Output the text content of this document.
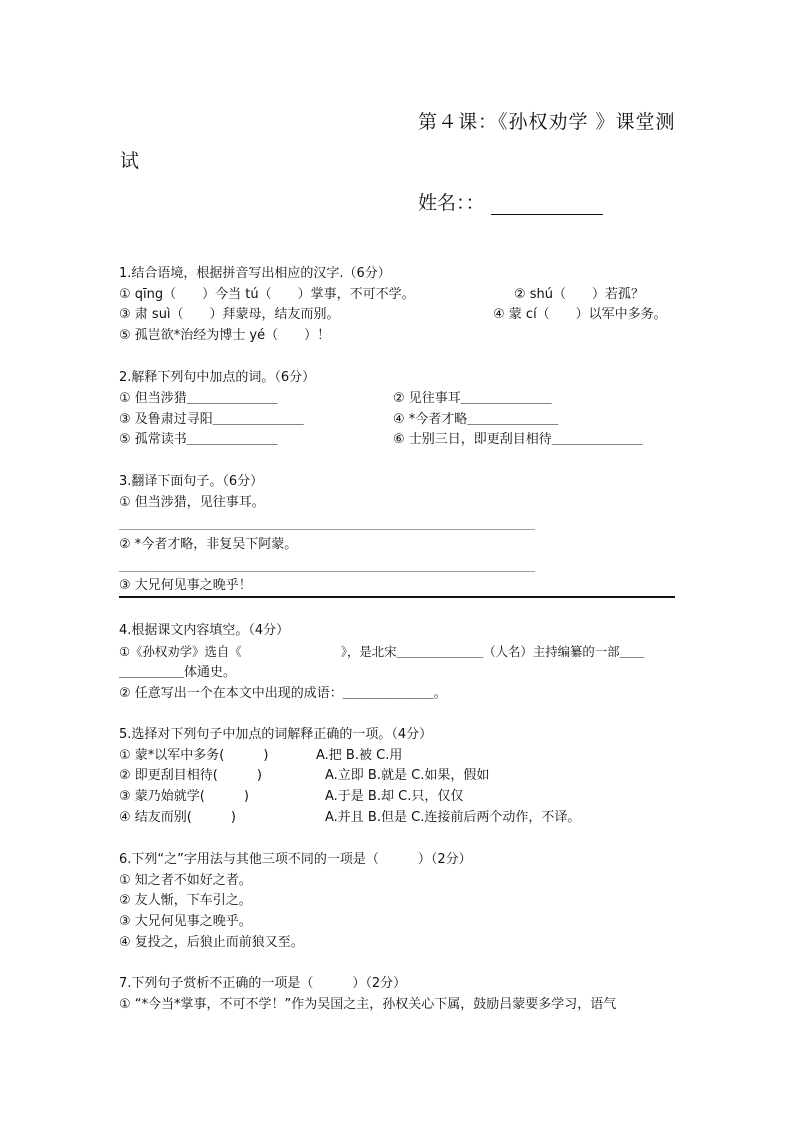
第４课：《孙权劝学 》课堂测
试
姓名：：
1.结合语境，根据拼音写出相应的汉字.（6分）
① qīng（　　）今当 tú（　　）掌事，不可不学。	② shú（　　）若孤？
③ 肃 suì（　　）拜蒙母，结友而别。	④ 蒙 cí（　　）以军中多务。
⑤ 孤岂欲*治经为博士 yé（　　）！
2.解释下列句中加点的词。（6分）
① 但当涉猎＿＿＿＿＿＿＿	② 见往事耳＿＿＿＿＿＿＿
③ 及鲁肃过寻阳＿＿＿＿＿＿＿	④ *今者才略＿＿＿＿＿＿＿
⑤ 孤常读书＿＿＿＿＿＿＿	⑥ 士别三日，即更刮目相待＿＿＿＿＿＿＿
3.翻译下面句子。（6分）
① 但当涉猎，见往事耳。
＿＿＿＿＿＿＿＿＿＿＿＿＿＿＿＿＿＿＿＿＿＿＿＿＿＿＿＿＿＿＿＿＿＿＿＿＿＿
② *今者才略，非复吴下阿蒙。
＿＿＿＿＿＿＿＿＿＿＿＿＿＿＿＿＿＿＿＿＿＿＿＿＿＿＿＿＿＿＿＿＿＿＿＿＿＿
③ 大兄何见事之晚乎！
4.根据课文内容填空。（4分）
①《孙权劝学》选自《　　　　　　　　》，是北宋＿＿＿＿＿＿＿（人名）主持编纂的一部＿＿
＿＿＿＿＿体通史。
② 任意写出一个在本文中出现的成语：＿＿＿＿＿＿＿。
5.选择对下列句子中加点的词解释正确的一项。（4分）
① 蒙*以军中多务(　　　)	A.把 B.被 C.用
② 即更刮目相待(　　　)	A.立即 B.就是 C.如果，假如
③ 蒙乃始就学(　　　)	A.于是 B.却 C.只，仅仅
④ 结友而别(　　　)	A.并且 B.但是 C.连接前后两个动作，不译。
6.下列“之”字用法与其他三项不同的一项是（　　　）（2分）
① 知之者不如好之者。
② 友人惭，下车引之。
③ 大兄何见事之晚乎。
④ 复投之，后狼止而前狼又至。
7.下列句子赏析不正确的一项是（　　　）（2分）
① “*今当*掌事，不可不学！”作为吴国之主，孙权关心下属，鼓励吕蒙要多学习，语气
